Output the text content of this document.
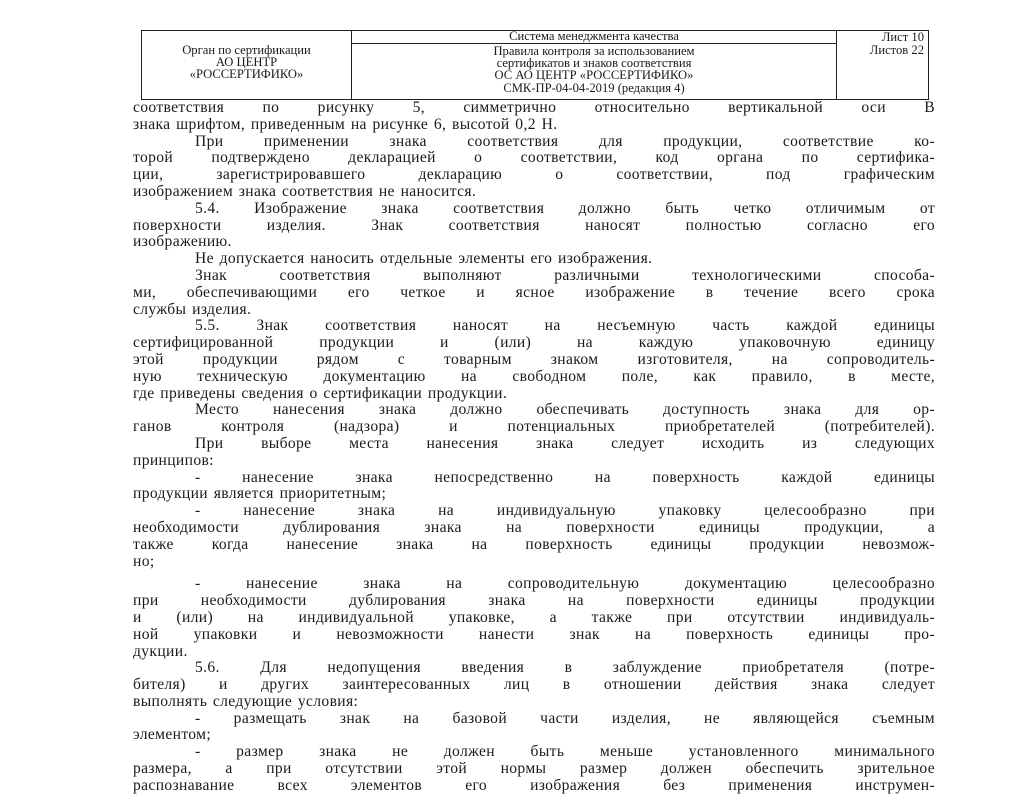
Орган по сертификации
АО ЦЕНТР
«РОССЕРТИФИКО»
Система менеджмента качества
Правила контроля за использованием
сертификатов и знаков соответствия
ОС АО ЦЕНТР «РОССЕРТИФИКО»
СМК-ПР-04-04-2019 (редакция 4)
Лист 10
Листов 22
соответствия по рисунку 5, симметрично относительно вертикальной оси В
знака шрифтом, приведенным на рисунке 6, высотой 0,2 Н.
При применении знака соответствия для продукции, соответствие ко-
торой подтверждено декларацией о соответствии, код органа по сертифика-
ции, зарегистрировавшего декларацию о соответствии, под графическим
изображением знака соответствия не наносится.
5.4. Изображение знака соответствия должно быть четко отличимым от
поверхности изделия. Знак соответствия наносят полностью согласно его
изображению.
Не допускается наносить отдельные элементы его изображения.
Знак соответствия выполняют различными технологическими способа-
ми, обеспечивающими его четкое и ясное изображение в течение всего срока
службы изделия.
5.5. Знак соответствия наносят на несъемную часть каждой единицы
сертифицированной продукции и (или) на каждую упаковочную единицу
этой продукции рядом с товарным знаком изготовителя, на сопроводитель-
ную техническую документацию на свободном поле, как правило, в месте,
где приведены сведения о сертификации продукции.
Место нанесения знака должно обеспечивать доступность знака для ор-
ганов контроля (надзора) и потенциальных приобретателей (потребителей).
При выборе места нанесения знака следует исходить из следующих
принципов:
- нанесение знака непосредственно на поверхность каждой единицы
продукции является приоритетным;
- нанесение знака на индивидуальную упаковку целесообразно при
необходимости дублирования знака на поверхности единицы продукции, а
также когда нанесение знака на поверхность единицы продукции невозмож-
но;
- нанесение знака на сопроводительную документацию целесообразно
при необходимости дублирования знака на поверхности единицы продукции
и (или) на индивидуальной упаковке, а также при отсутствии индивидуаль-
ной упаковки и невозможности нанести знак на поверхность единицы про-
дукции.
5.6. Для недопущения введения в заблуждение приобретателя (потре-
бителя) и других заинтересованных лиц в отношении действия знака следует
выполнять следующие условия:
- размещать знак на базовой части изделия, не являющейся съемным
элементом;
- размер знака не должен быть меньше установленного минимального
размера, а при отсутствии этой нормы размер должен обеспечить зрительное
распознавание всех элементов его изображения без применения инструмен-
